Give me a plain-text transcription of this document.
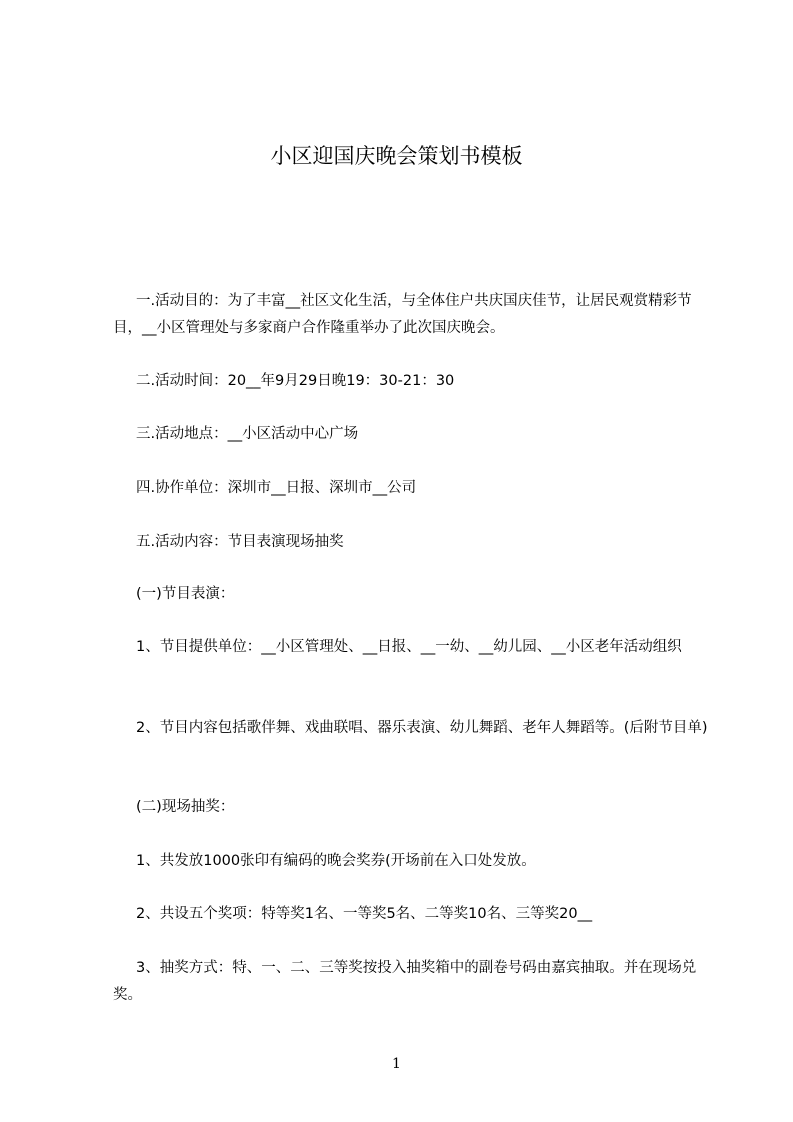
小区迎国庆晚会策划书模板
一.活动目的：为了丰富__社区文化生活，与全体住户共庆国庆佳节，让居民观赏精彩节目，__小区管理处与多家商户合作隆重举办了此次国庆晚会。
二.活动时间：20__年9月29日晚19：30-21：30
三.活动地点：__小区活动中心广场
四.协作单位：深圳市__日报、深圳市__公司
五.活动内容：节目表演现场抽奖
(一)节目表演：
1、节目提供单位：__小区管理处、__日报、__一幼、__幼儿园、__小区老年活动组织
2、节目内容包括歌伴舞、戏曲联唱、器乐表演、幼儿舞蹈、老年人舞蹈等。(后附节目单)
(二)现场抽奖：
1、共发放1000张印有编码的晚会奖券(开场前在入口处发放。
2、共设五个奖项：特等奖1名、一等奖5名、二等奖10名、三等奖20__
3、抽奖方式：特、一、二、三等奖按投入抽奖箱中的副卷号码由嘉宾抽取。并在现场兑奖。
1
